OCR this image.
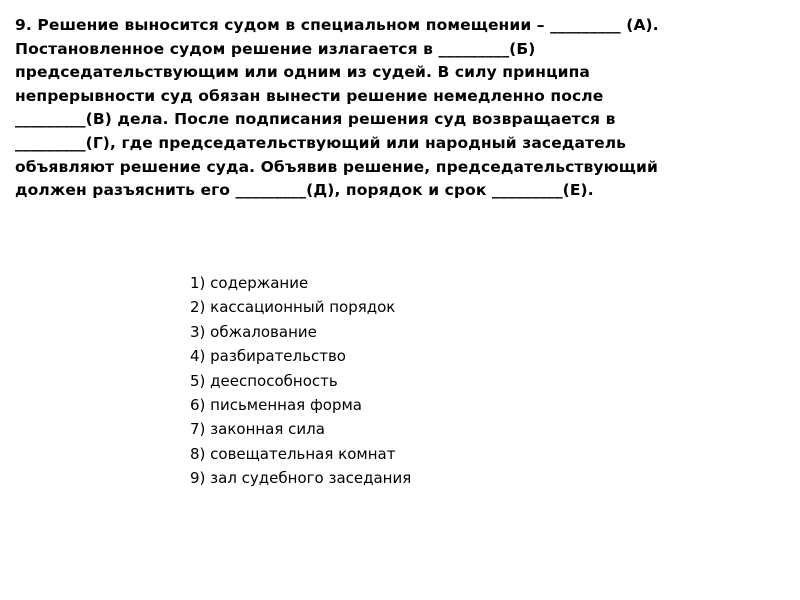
9. Решение выносится судом в специальном помещении – _________ (А).
Постановленное судом решение излагается в _________(Б)
председательствующим или одним из судей. В силу принципа
непрерывности суд обязан вынести решение немедленно после
_________(В) дела. После подписания решения суд возвращается в
_________(Г), где председательствующий или народный заседатель
объявляют решение суда. Объявив решение, председательствующий
должен разъяснить его _________(Д), порядок и срок _________(Е).
1) содержание
2) кассационный порядок
3) обжалование
4) разбирательство
5) дееспособность
6) письменная форма
7) законная сила
8) совещательная комнат
9) зал судебного заседания
